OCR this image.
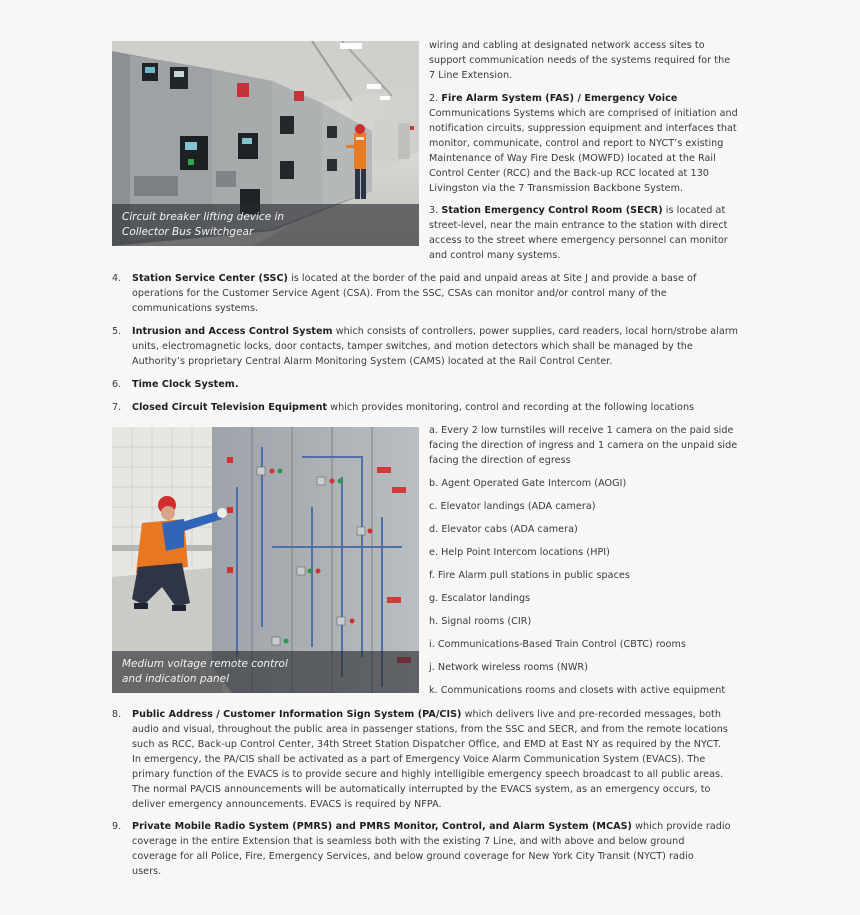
Circuit breaker lifting device in
Collector Bus Switchgear
wiring and cabling at designated network access sites to
support communication needs of the systems required for the
7 Line Extension.
2. Fire Alarm System (FAS) / Emergency Voice
Communications Systems which are comprised of initiation and
notification circuits, suppression equipment and interfaces that
monitor, communicate, control and report to NYCT’s existing
Maintenance of Way Fire Desk (MOWFD) located at the Rail
Control Center (RCC) and the Back-up RCC located at 130
Livingston via the 7 Transmission Backbone System.
3. Station Emergency Control Room (SECR) is located at
street-level, near the main entrance to the station with direct
access to the street where emergency personnel can monitor
and control many systems.
4. Station Service Center (SSC) is located at the border of the paid and unpaid areas at Site J and provide a base of
operations for the Customer Service Agent (CSA). From the SSC, CSAs can monitor and/or control many of the
communications systems.
5. Intrusion and Access Control System which consists of controllers, power supplies, card readers, local horn/strobe alarm
units, electromagnetic locks, door contacts, tamper switches, and motion detectors which shall be managed by the
Authority’s proprietary Central Alarm Monitoring System (CAMS) located at the Rail Control Center.
6. Time Clock System.
7. Closed Circuit Television Equipment which provides monitoring, control and recording at the following locations
Medium voltage remote control
and indication panel
a. Every 2 low turnstiles will receive 1 camera on the paid side
facing the direction of ingress and 1 camera on the unpaid side
facing the direction of egress
b. Agent Operated Gate Intercom (AOGI)
c. Elevator landings (ADA camera)
d. Elevator cabs (ADA camera)
e. Help Point Intercom locations (HPI)
f. Fire Alarm pull stations in public spaces
g. Escalator landings
h. Signal rooms (CIR)
i. Communications-Based Train Control (CBTC) rooms
j. Network wireless rooms (NWR)
k. Communications rooms and closets with active equipment
8. Public Address / Customer Information Sign System (PA/CIS) which delivers live and pre-recorded messages, both
audio and visual, throughout the public area in passenger stations, from the SSC and SECR, and from the remote locations
such as RCC, Back-up Control Center, 34th Street Station Dispatcher Office, and EMD at East NY as required by the NYCT.
In emergency, the PA/CIS shall be activated as a part of Emergency Voice Alarm Communication System (EVACS). The
primary function of the EVACS is to provide secure and highly intelligible emergency speech broadcast to all public areas.
The normal PA/CIS announcements will be automatically interrupted by the EVACS system, as an emergency occurs, to
deliver emergency announcements. EVACS is required by NFPA.
9. Private Mobile Radio System (PMRS) and PMRS Monitor, Control, and Alarm System (MCAS) which provide radio
coverage in the entire Extension that is seamless both with the existing 7 Line, and with above and below ground
coverage for all Police, Fire, Emergency Services, and below ground coverage for New York City Transit (NYCT) radio
users.
